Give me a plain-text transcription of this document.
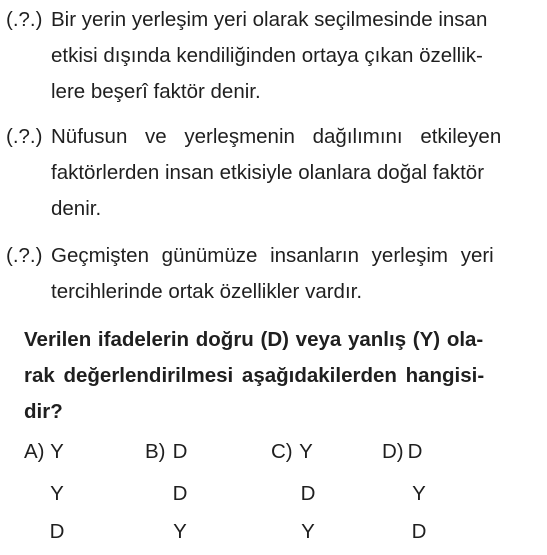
(.?.) Bir yerin yerleşim yeri olarak seçilmesinde insan
etkisi dışında kendiliğinden ortaya çıkan özellik-
lere beşerî faktör denir.
(.?.) Nüfusun ve yerleşmenin dağılımını etkileyen
faktörlerden insan etkisiyle olanlara doğal faktör
denir.
(.?.) Geçmişten günümüze insanların yerleşim yeri
tercihlerinde ortak özellikler vardır.
Verilen ifadelerin doğru (D) veya yanlış (Y) ola-
rak değerlendirilmesi aşağıdakilerden hangisi-
dir?
A) Y
Y
D
B) D
D
Y
C) Y
D
Y
D) D
Y
D
